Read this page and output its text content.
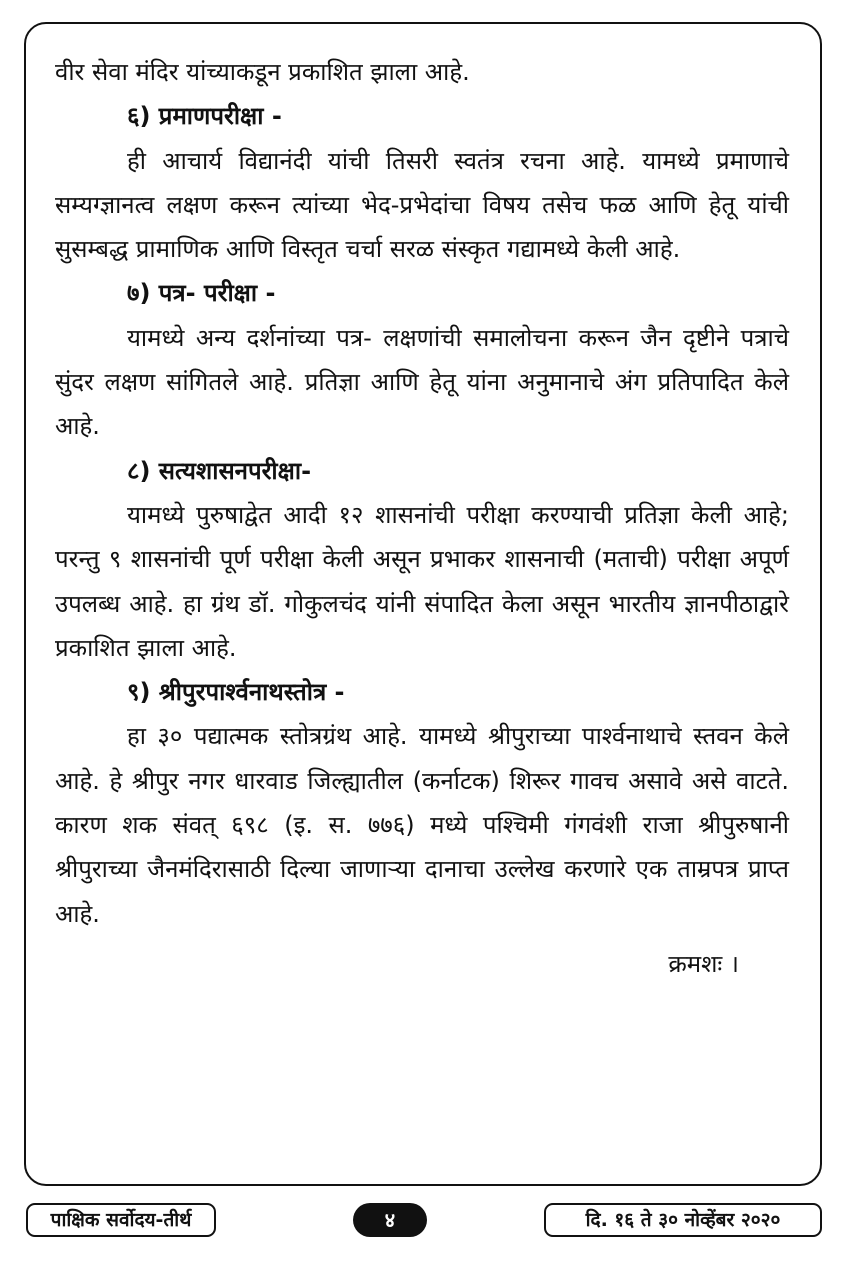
वीर सेवा मंदिर यांच्याकडून प्रकाशित झाला आहे.

६) प्रमाणपरीक्षा -

ही आचार्य विद्यानंदी यांची तिसरी स्वतंत्र रचना आहे. यामध्ये प्रमाणाचे सम्यग्ज्ञानत्व लक्षण करून त्यांच्या भेद-प्रभेदांचा विषय तसेच फळ आणि हेतू यांची सुसम्बद्ध प्रामाणिक आणि विस्तृत चर्चा सरळ संस्कृत गद्यामध्ये केली आहे.

७) पत्र- परीक्षा -

यामध्ये अन्य दर्शनांच्या पत्र- लक्षणांची समालोचना करून जैन दृष्टीने पत्राचे सुंदर लक्षण सांगितले आहे. प्रतिज्ञा आणि हेतू यांना अनुमानाचे अंग प्रतिपादित केले आहे.

८) सत्यशासनपरीक्षा-

यामध्ये पुरुषाद्वेत आदी १२ शासनांची परीक्षा करण्याची प्रतिज्ञा केली आहे; परन्तु ९ शासनांची पूर्ण परीक्षा केली असून प्रभाकर शासनाची (मताची) परीक्षा अपूर्ण उपलब्ध आहे. हा ग्रंथ डॉ. गोकुलचंद यांनी संपादित केला असून भारतीय ज्ञानपीठाद्वारे प्रकाशित झाला आहे.

९) श्रीपुरपार्श्वनाथस्तोत्र -

हा ३० पद्यात्मक स्तोत्रग्रंथ आहे. यामध्ये श्रीपुराच्या पार्श्वनाथाचे स्तवन केले आहे. हे श्रीपुर नगर धारवाड जिल्ह्यातील (कर्नाटक) शिरूर गावच असावे असे वाटते. कारण शक संवत् ६९८ (इ. स. ७७६) मध्ये पश्चिमी गंगवंशी राजा श्रीपुरुषानी श्रीपुराच्या जैनमंदिरासाठी दिल्या जाणाऱ्या दानाचा उल्लेख करणारे एक ताम्रपत्र प्राप्त आहे.

क्रमशः ।

पाक्षिक सर्वोदय-तीर्थ	४	दि. १६ ते ३० नोव्हेंबर २०२०
